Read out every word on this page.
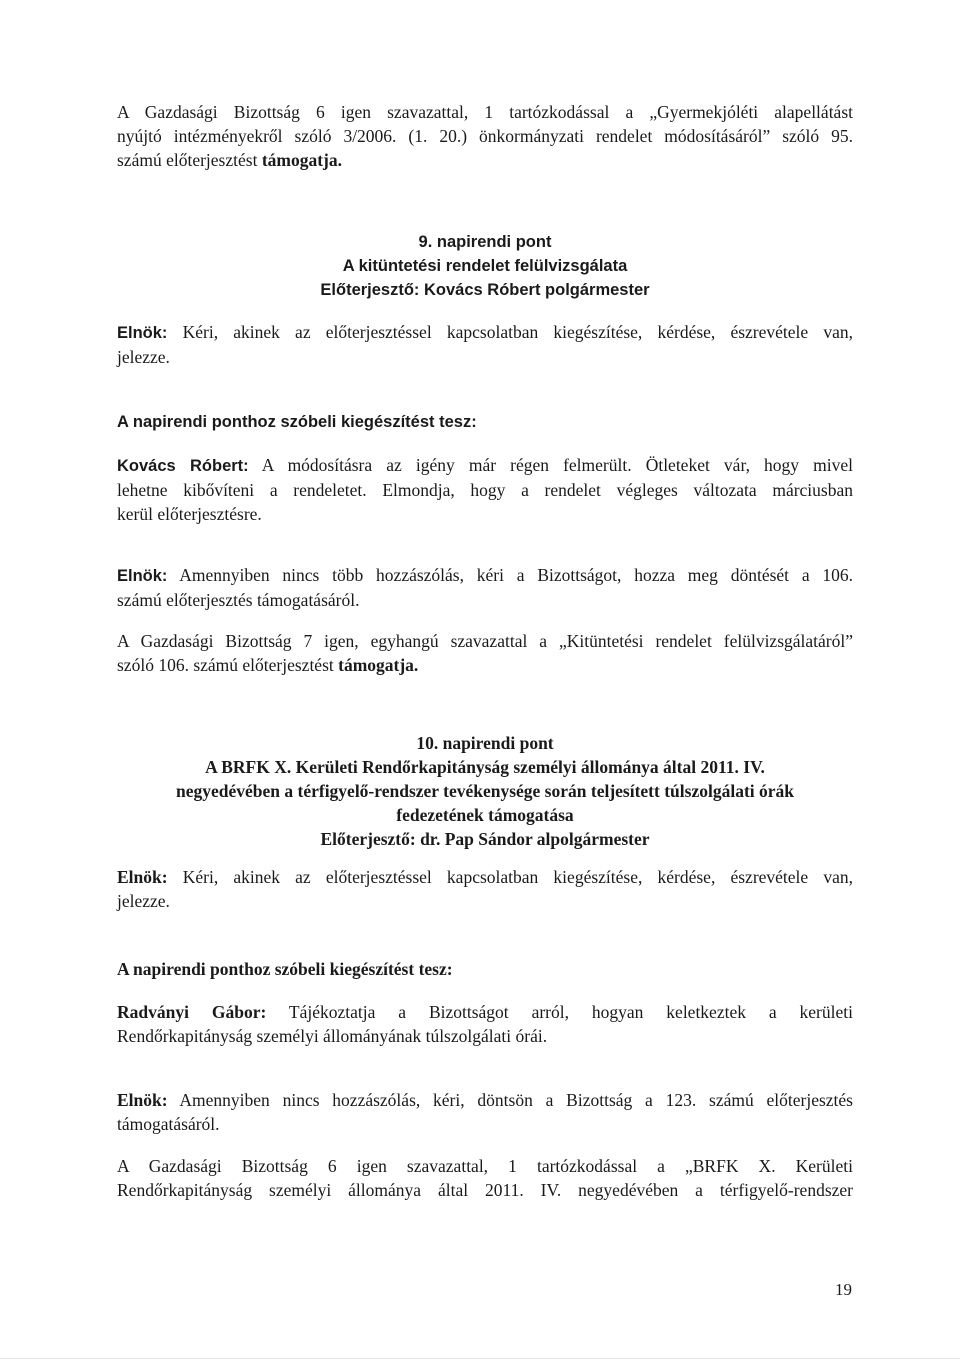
A Gazdasági Bizottság 6 igen szavazattal, 1 tartózkodással a „Gyermekjóléti alapellátást
nyújtó intézményekről szóló 3/2006. (1. 20.) önkormányzati rendelet módosításáról” szóló 95.
számú előterjesztést támogatja.
9. napirendi pont
A kitüntetési rendelet felülvizsgálata
Előterjesztő: Kovács Róbert polgármester
Elnök: Kéri, akinek az előterjesztéssel kapcsolatban kiegészítése, kérdése, észrevétele van,
jelezze.
A napirendi ponthoz szóbeli kiegészítést tesz:
Kovács Róbert: A módosításra az igény már régen felmerült. Ötleteket vár, hogy mivel
lehetne kibővíteni a rendeletet. Elmondja, hogy a rendelet végleges változata márciusban
kerül előterjesztésre.
Elnök: Amennyiben nincs több hozzászólás, kéri a Bizottságot, hozza meg döntését a 106.
számú előterjesztés támogatásáról.
A Gazdasági Bizottság 7 igen, egyhangú szavazattal a „Kitüntetési rendelet felülvizsgálatáról”
szóló 106. számú előterjesztést támogatja.
10. napirendi pont
A BRFK X. Kerületi Rendőrkapitányság személyi állománya által 2011. IV.
negyedévében a térfigyelő-rendszer tevékenysége során teljesített túlszolgálati órák
fedezetének támogatása
Előterjesztő: dr. Pap Sándor alpolgármester
Elnök: Kéri, akinek az előterjesztéssel kapcsolatban kiegészítése, kérdése, észrevétele van,
jelezze.
A napirendi ponthoz szóbeli kiegészítést tesz:
Radványi Gábor: Tájékoztatja a Bizottságot arról, hogyan keletkeztek a kerületi
Rendőrkapitányság személyi állományának túlszolgálati órái.
Elnök: Amennyiben nincs hozzászólás, kéri, döntsön a Bizottság a 123. számú előterjesztés
támogatásáról.
A Gazdasági Bizottság 6 igen szavazattal, 1 tartózkodással a „BRFK X. Kerületi
Rendőrkapitányság személyi állománya által 2011. IV. negyedévében a térfigyelő-rendszer
19
